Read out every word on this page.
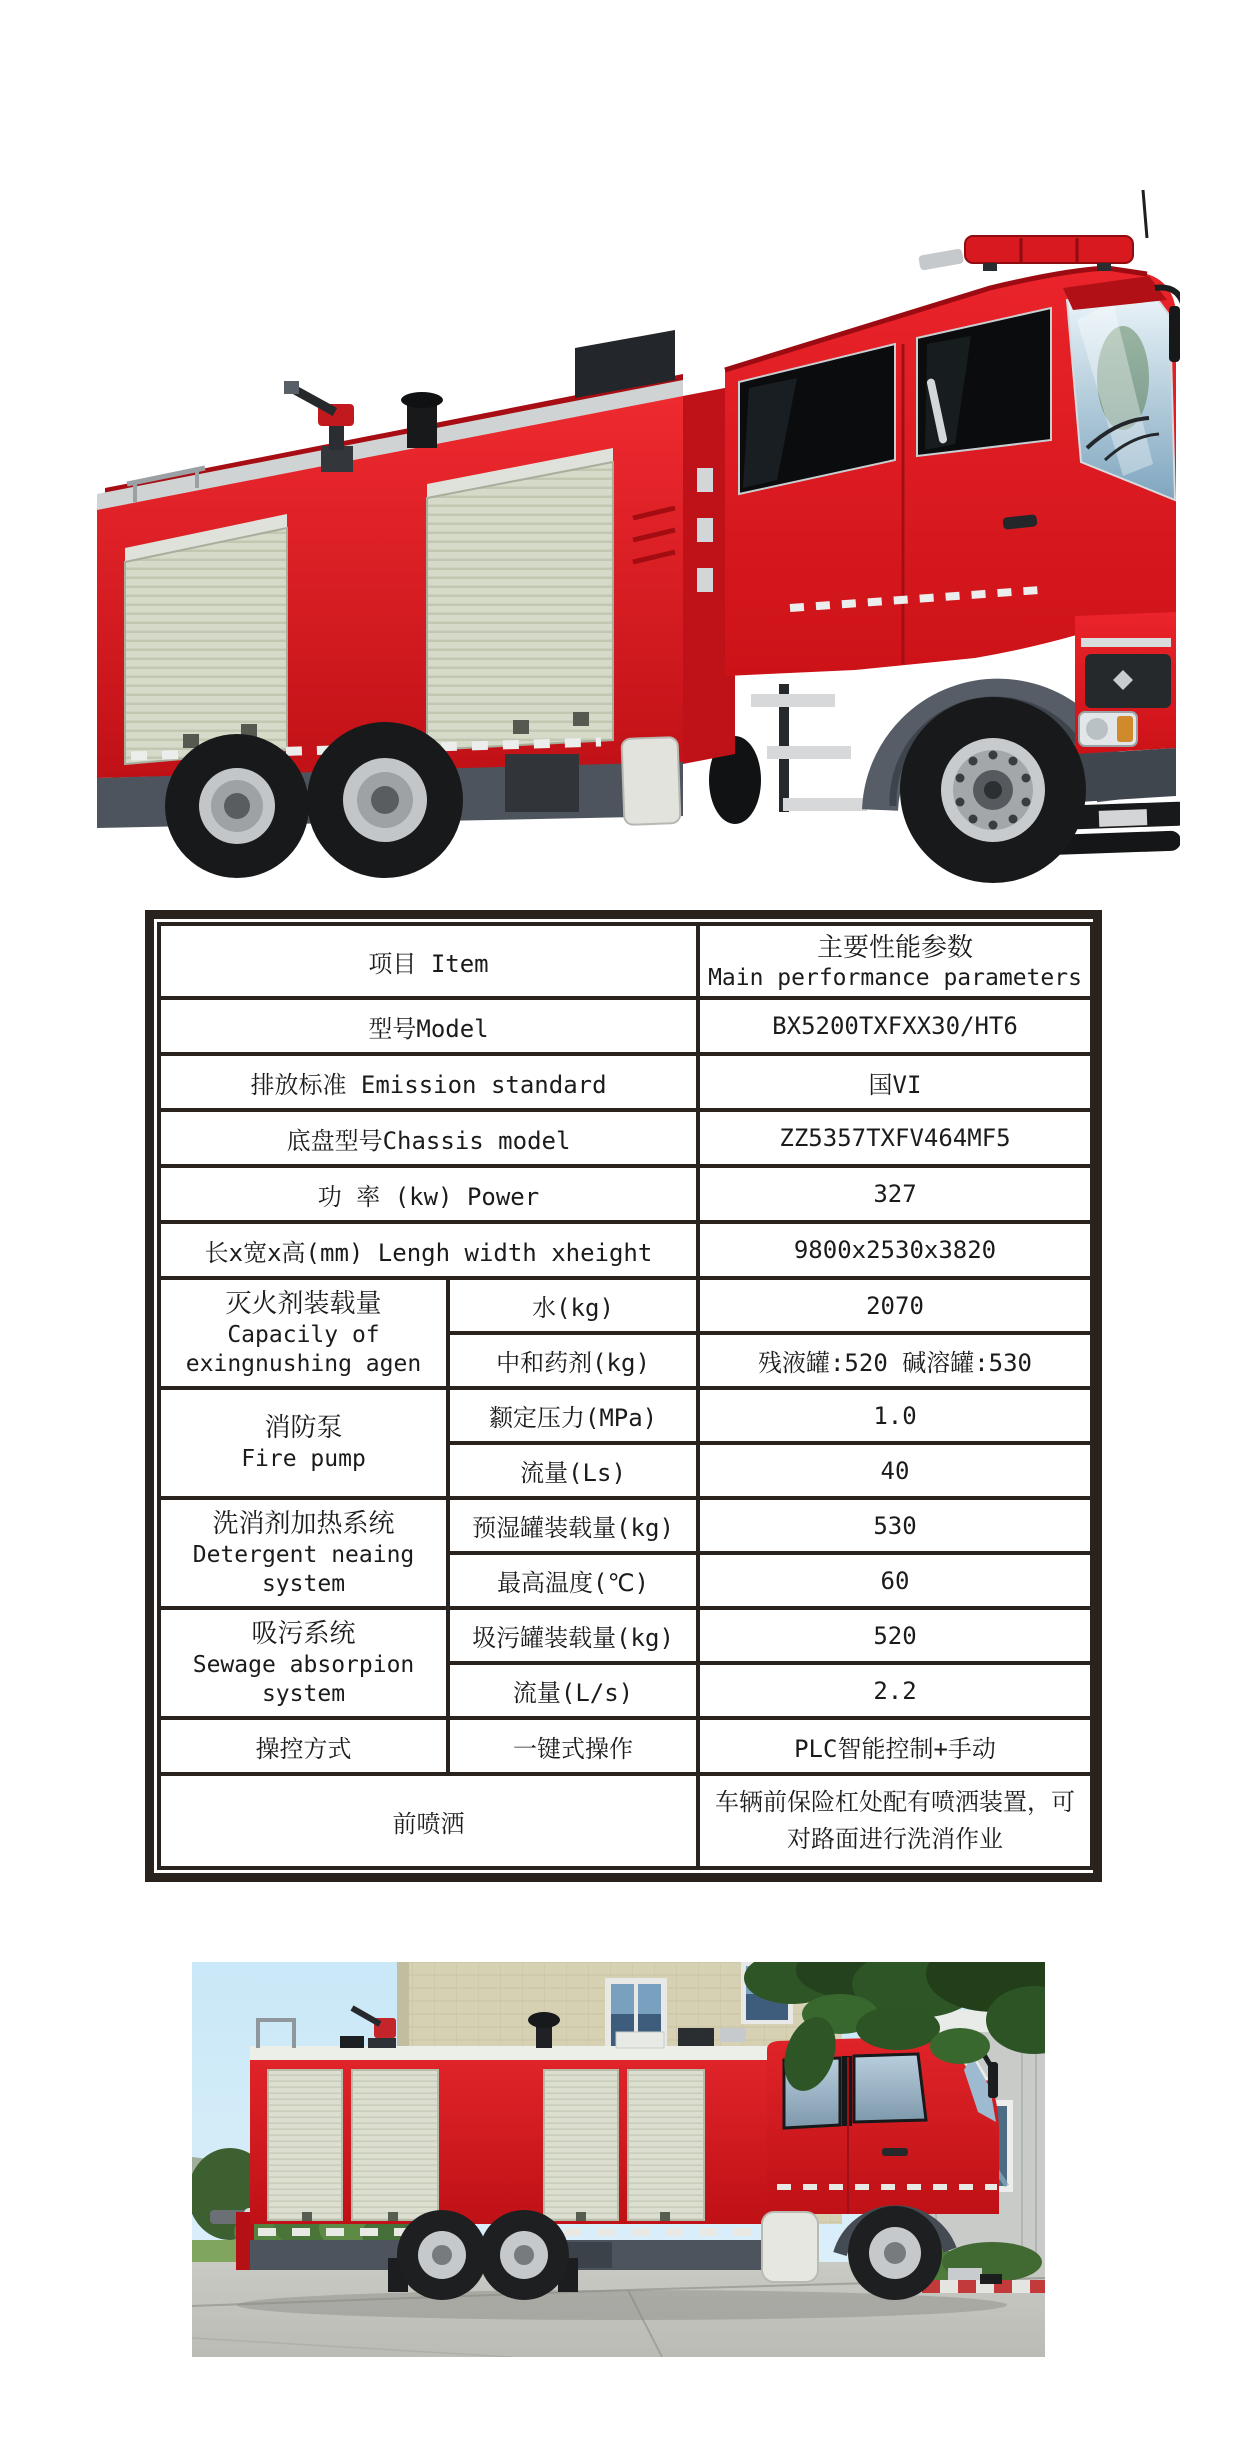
项目 Item		主要性能参数
Main performance parameters

型号Model		BX5200TXFXX30/HT6
排放标准 Emission standard		国VI
底盘型号Chassis model		ZZ5357TXFV464MF5
功 率 (kw) Power		327
长x宽x高(mm) Lengh width xheight		9800x2530x3820

灭火剂装载量
Capacily of
exingnushing agen	水(kg)	2070
	中和药剂(kg)	残液罐:520 碱溶罐:530

消防泵
Fire pump	颣定压力(MPa)	1.0
	流量(Ls)	40

洗消剂加热系统
Detergent neaing
system	预湿罐装载量(kg)	530
	最高温度(℃)	60

吸污系统
Sewage absorpion
system	圾污罐装载量(kg)	520
	流量(L/s)	2.2
操控方式	一键式操作	PLC智能控制+手动
前喷洒		车辆前保险杠处配有喷洒装置，可对路面进行洗消作业
